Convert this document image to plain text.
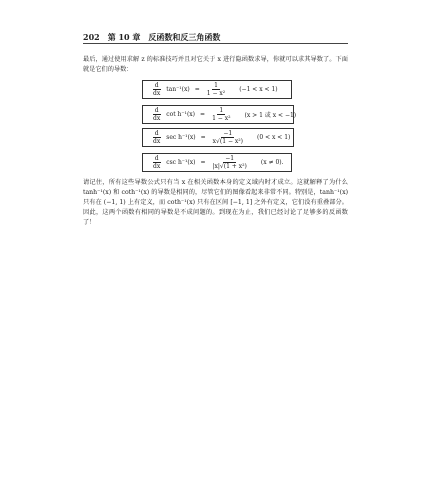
202 第 10 章 反函数和反三角函数
最后，通过使用求解 z 的标准技巧并且对它关于 x 进行隐函数求导，你就可以求其导数了。下面就是它们的导数：
$\frac{d}{dx} \tan^{-1}(x) = \frac{1}{\text{1 − x²}} (-1 < x < 1)$
$\frac{d}{dx}$ $\cot h^{-1}(x) = \frac{1}{\text{1 − x²}} (x > 1$ 或 x < −1)
$\frac{d}{dx}$ $\sec h^{-1}(x) = \frac{-1}{\text{x√(1 − x²)}} (0 < x < 1)$
$\frac{d}{dx}$ $\csc h^{-1}(x) = \frac{-1}{\text{|x|√(1 + x²)}} (x \ne 0)$.
请记住，所有这些导数公式只有当 x 在相关函数本身的定义域内时才成立。这就解释了为什么 tanh⁻¹(x) 和 coth⁻¹(x) 的导数是相同的，尽管它们的图像看起来非常不同。特别是，tanh⁻¹(x) 只有在 (−1, 1) 上有定义，而 coth⁻¹(x) 只有在区间 [−1, 1] 之外有定义，它们没有重叠部分。因此，这两个函数有相同的导数是不成问题的。到现在为止，我们已经讨论了足够多的反函数了！
